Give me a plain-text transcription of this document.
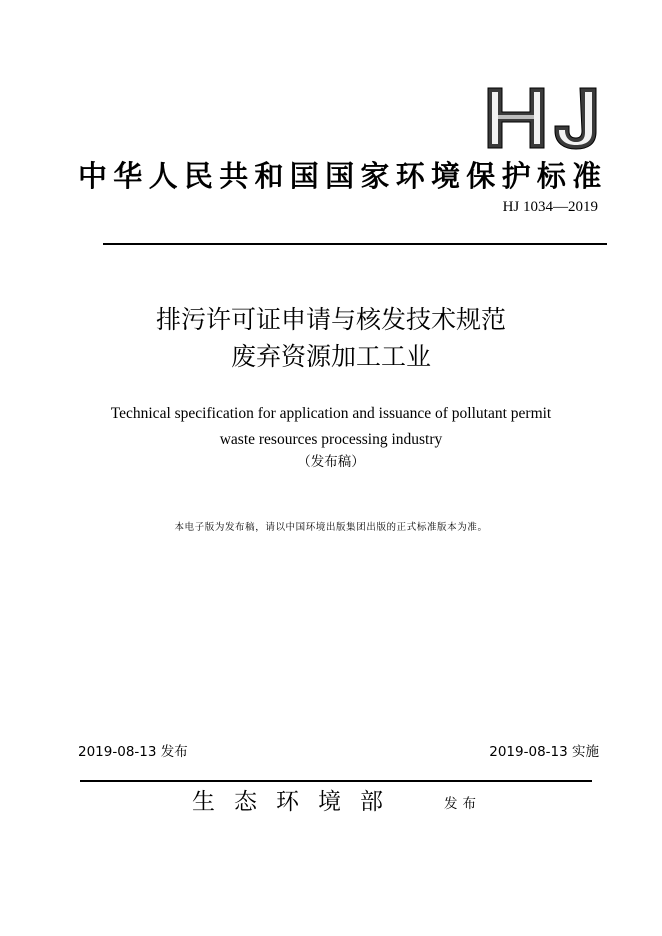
中华人民共和国国家环境保护标准
HJ 1034—2019
排污许可证申请与核发技术规范
废弃资源加工工业
Technical specification for application and issuance of pollutant permit
waste resources processing industry
（发布稿）
本电子版为发布稿，请以中国环境出版集团出版的正式标准版本为准。
2019-08-13 发布	2019-08-13 实施
生态环境部	发布
